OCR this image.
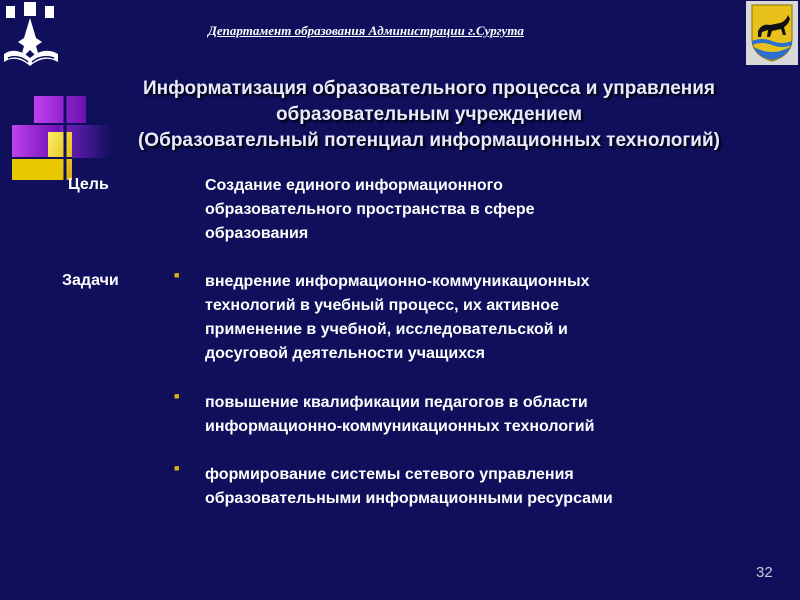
Департамент образования Администрации г.Сургута
Информатизация образовательного процесса и управления
образовательным учреждением
(Образовательный потенциал информационных технологий)
Цель	Создание единого информационного
образовательного пространства в сфере
образования
Задачи	■ внедрение информационно-коммуникационных
технологий в учебный процесс, их активное
применение в учебной, исследовательской и
досуговой деятельности учащихся
■ повышение квалификации педагогов в области
информационно-коммуникационных технологий
■ формирование системы сетевого управления
образовательными информационными ресурсами
32
